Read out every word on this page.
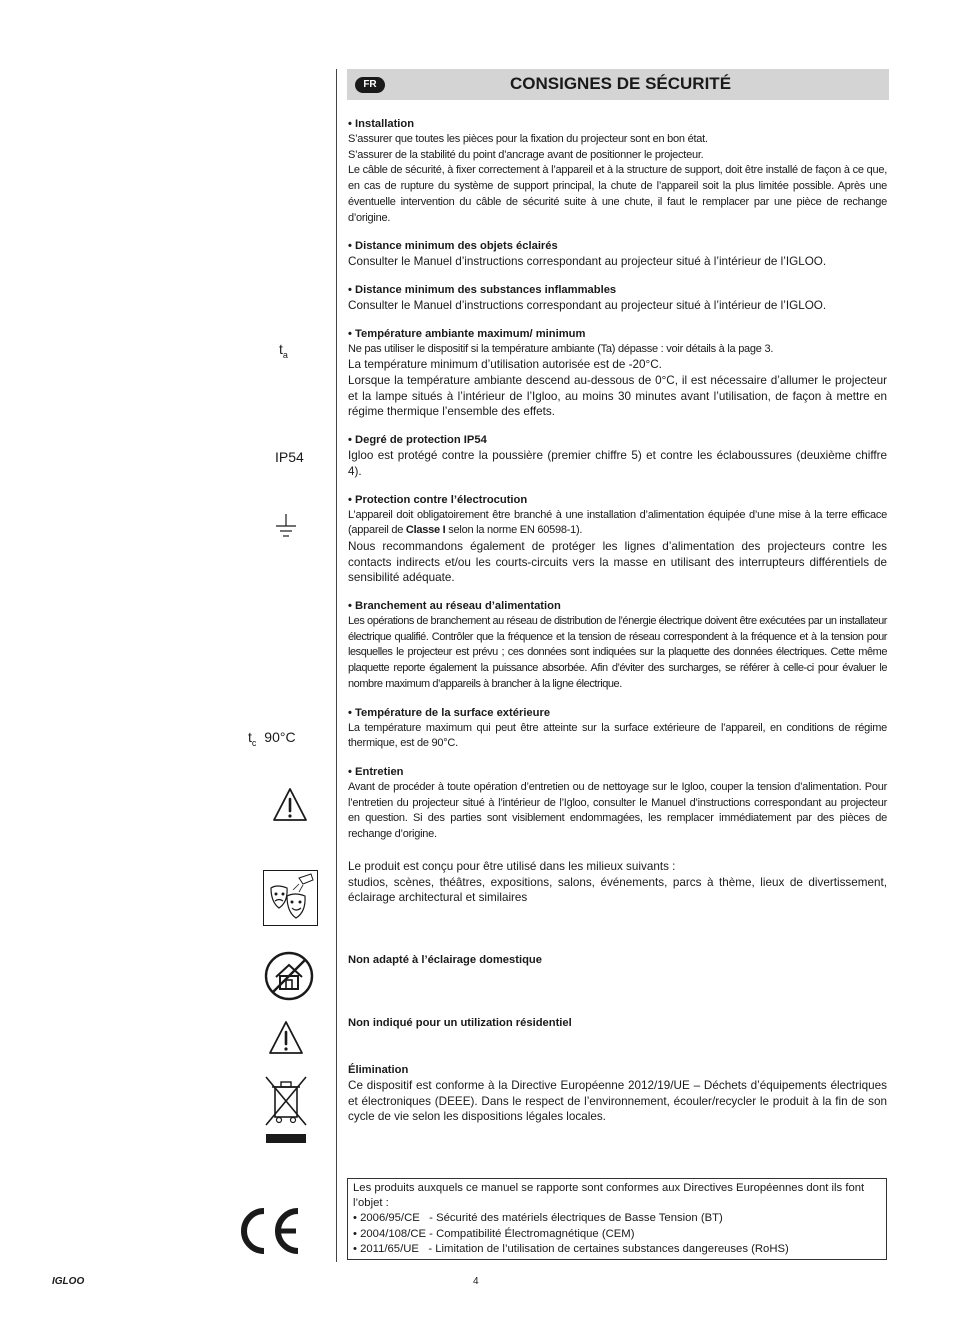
FR	CONSIGNES DE SÉCURITÉ
$t_a$
IP54
$t_c$ 90°C
• Installation

S’assurer que toutes les pièces pour la fixation du projecteur sont en bon état.

S’assurer de la stabilité du point d’ancrage avant de positionner le projecteur.

Le câble de sécurité, à fixer correctement à l’appareil et à la structure de support, doit être installé de façon à ce que, en cas de rupture du système de support principal, la chute de l’appareil soit la plus limitée possible. Après une éventuelle intervention du câble de sécurité suite à une chute, il faut le remplacer par une pièce de rechange d’origine.

• Distance minimum des objets éclairés

Consulter le Manuel d’instructions correspondant au projecteur situé à l’intérieur de l’IGLOO.

• Distance minimum des substances inflammables

Consulter le Manuel d’instructions correspondant au projecteur situé à l’intérieur de l’IGLOO.

• Température ambiante maximum/ minimum

Ne pas utiliser le dispositif si la température ambiante (Ta) dépasse : voir détails à la page 3.

La température minimum d’utilisation autorisée est de -20°C.

Lorsque la température ambiante descend au-dessous de 0°C, il est nécessaire d’allumer le projecteur et la lampe situés à l’intérieur de l’Igloo, au moins 30 minutes avant l’utilisation, de façon à mettre en régime thermique l’ensemble des effets.

• Degré de protection IP54

Igloo est protégé contre la poussière (premier chiffre 5) et contre les éclaboussures (deuxième chiffre 4).

• Protection contre l’électrocution

L’appareil doit obligatoirement être branché à une installation d’alimentation équipée d’une mise à la terre efficace (appareil de Classe I selon la norme EN 60598-1).

Nous recommandons également de protéger les lignes d’alimentation des projecteurs contre les contacts indirects et/ou les courts-circuits vers la masse en utilisant des interrupteurs différentiels de sensibilité adéquate.

• Branchement au réseau d’alimentation

Les opérations de branchement au réseau de distribution de l’énergie électrique doivent être exécutées par un installateur électrique qualifié. Contrôler que la fréquence et la tension de réseau correspondent à la fréquence et à la tension pour lesquelles le projecteur est prévu ; ces données sont indiquées sur la plaquette des données électriques. Cette même plaquette reporte également la puissance absorbée. Afin d’éviter des surcharges, se référer à celle-ci pour évaluer le nombre maximum d’appareils à brancher à la ligne électrique.

• Température de la surface extérieure

La température maximum qui peut être atteinte sur la surface extérieure de l’appareil, en conditions de régime thermique, est de 90°C.

• Entretien

Avant de procéder à toute opération d’entretien ou de nettoyage sur le Igloo, couper la tension d’alimentation. Pour l’entretien du projecteur situé à l’intérieur de l’Igloo, consulter le Manuel d’instructions correspondant au projecteur en question. Si des parties sont visiblement endommagées, les remplacer immédiatement par des pièces de rechange d’origine.

Le produit est conçu pour être utilisé dans les milieux suivants :

studios, scènes, théâtres, expositions, salons, événements, parcs à thème, lieux de divertissement, éclairage architectural et similaires

Non adapté à l’éclairage domestique
Non indiqué pour un utilization résidentiel
Élimination

Ce dispositif est conforme à la Directive Européenne 2012/19/UE – Déchets d’équipements électriques et électroniques (DEEE). Dans le respect de l’environnement, écouler/recycler le produit à la fin de son cycle de vie selon les dispositions légales locales.

Les produits auxquels ce manuel se rapporte sont conformes aux Directives Européennes dont ils font l’objet :

• 2006/95/CE   - Sécurité des matériels électriques de Basse Tension (BT)

• 2004/108/CE - Compatibilité Électromagnétique (CEM)

• 2011/65/UE   - Limitation de l’utilisation de certaines substances dangereuses (RoHS)

IGLOO	4
